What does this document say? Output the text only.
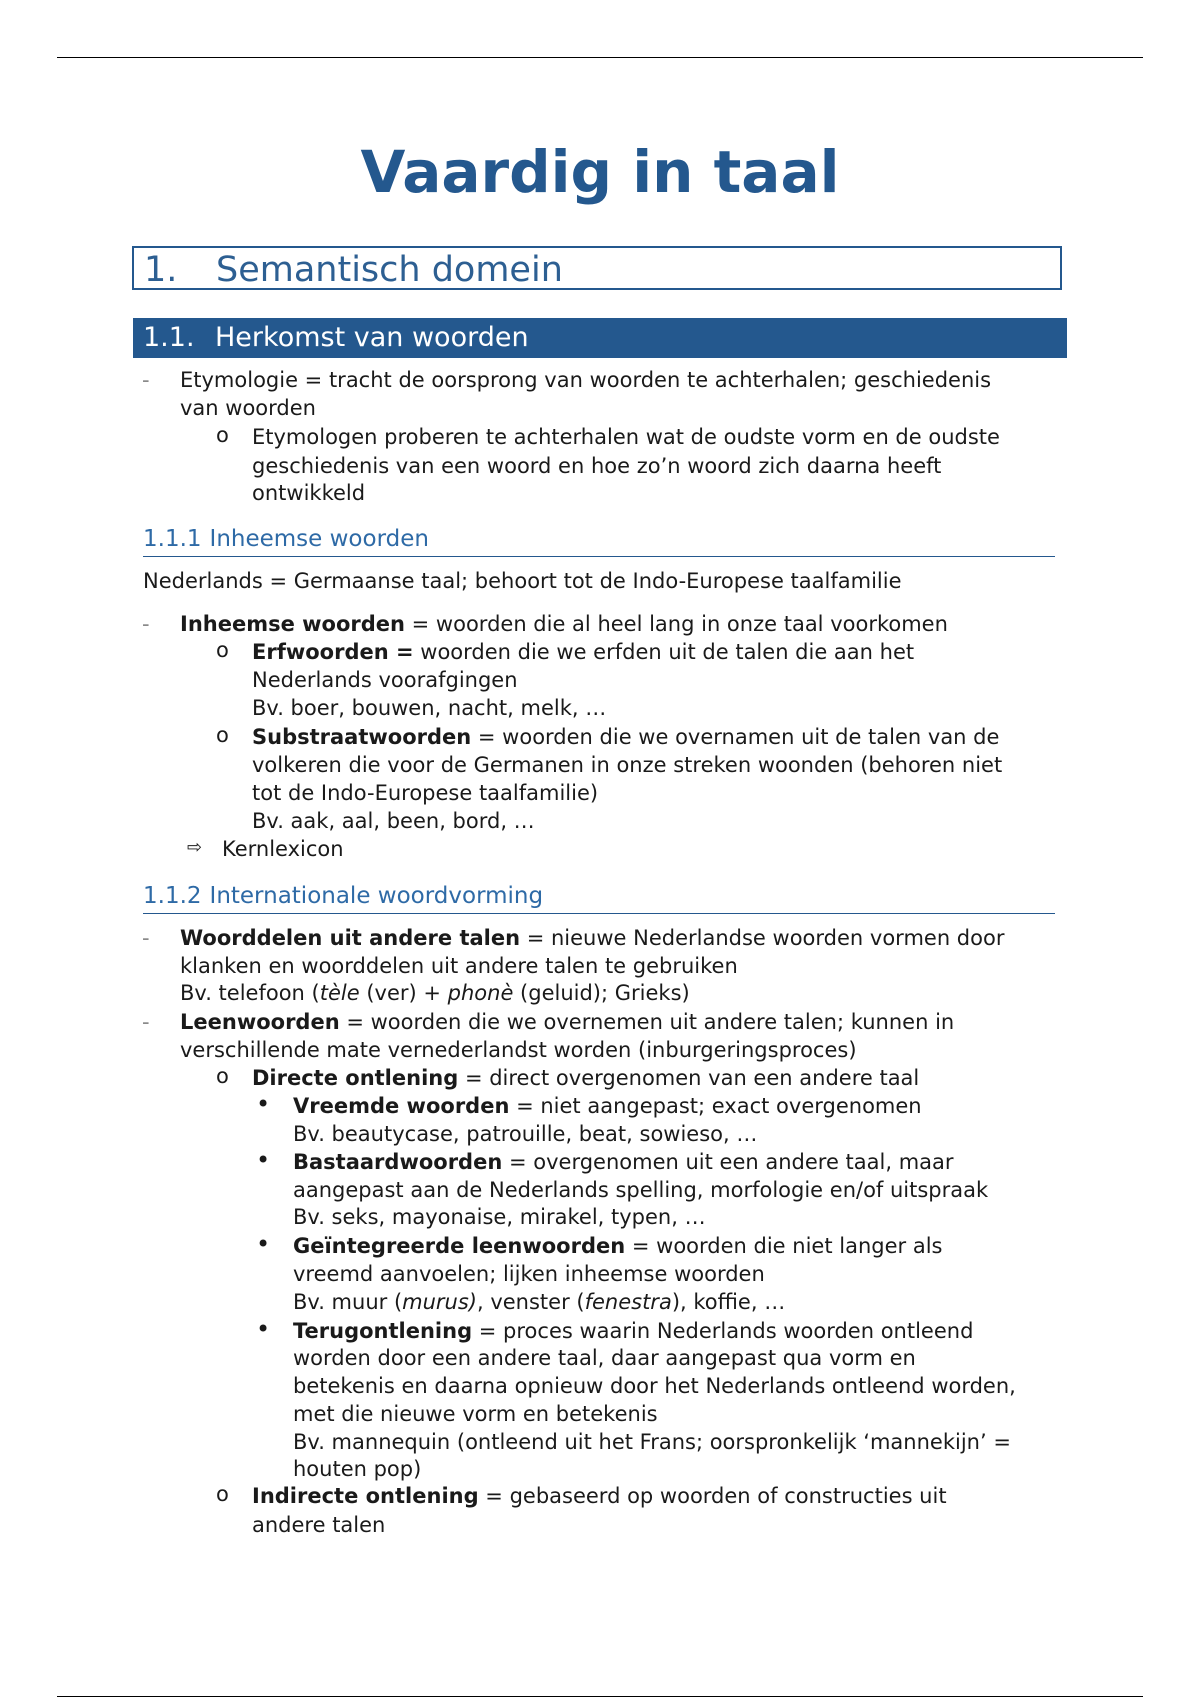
Vaardig in taal
1. Semantisch domein
1.1. Herkomst van woorden
- Etymologie = tracht de oorsprong van woorden te achterhalen; geschiedenis
van woorden
o Etymologen proberen te achterhalen wat de oudste vorm en de oudste
geschiedenis van een woord en hoe zo’n woord zich daarna heeft
ontwikkeld
1.1.1 Inheemse woorden
Nederlands = Germaanse taal; behoort tot de Indo-Europese taalfamilie
- Inheemse woorden = woorden die al heel lang in onze taal voorkomen
o Erfwoorden = woorden die we erfden uit de talen die aan het
Nederlands voorafgingen
Bv. boer, bouwen, nacht, melk, …
o Substraatwoorden = woorden die we overnamen uit de talen van de
volkeren die voor de Germanen in onze streken woonden (behoren niet
tot de Indo-Europese taalfamilie)
Bv. aak, aal, been, bord, …
⇨ Kernlexicon
1.1.2 Internationale woordvorming
- Woorddelen uit andere talen = nieuwe Nederlandse woorden vormen door
klanken en woorddelen uit andere talen te gebruiken
Bv. telefoon (tèle (ver) + phonè (geluid); Grieks)
- Leenwoorden = woorden die we overnemen uit andere talen; kunnen in
verschillende mate vernederlandst worden (inburgeringsproces)
o Directe ontlening = direct overgenomen van een andere taal
• Vreemde woorden = niet aangepast; exact overgenomen
Bv. beautycase, patrouille, beat, sowieso, …
• Bastaardwoorden = overgenomen uit een andere taal, maar
aangepast aan de Nederlands spelling, morfologie en/of uitspraak
Bv. seks, mayonaise, mirakel, typen, …
• Geïntegreerde leenwoorden = woorden die niet langer als
vreemd aanvoelen; lijken inheemse woorden
Bv. muur (murus), venster (fenestra), koffie, …
• Terugontlening = proces waarin Nederlands woorden ontleend
worden door een andere taal, daar aangepast qua vorm en
betekenis en daarna opnieuw door het Nederlands ontleend worden,
met die nieuwe vorm en betekenis
Bv. mannequin (ontleend uit het Frans; oorspronkelijk ‘mannekijn’ =
houten pop)
o Indirecte ontlening = gebaseerd op woorden of constructies uit
andere talen
